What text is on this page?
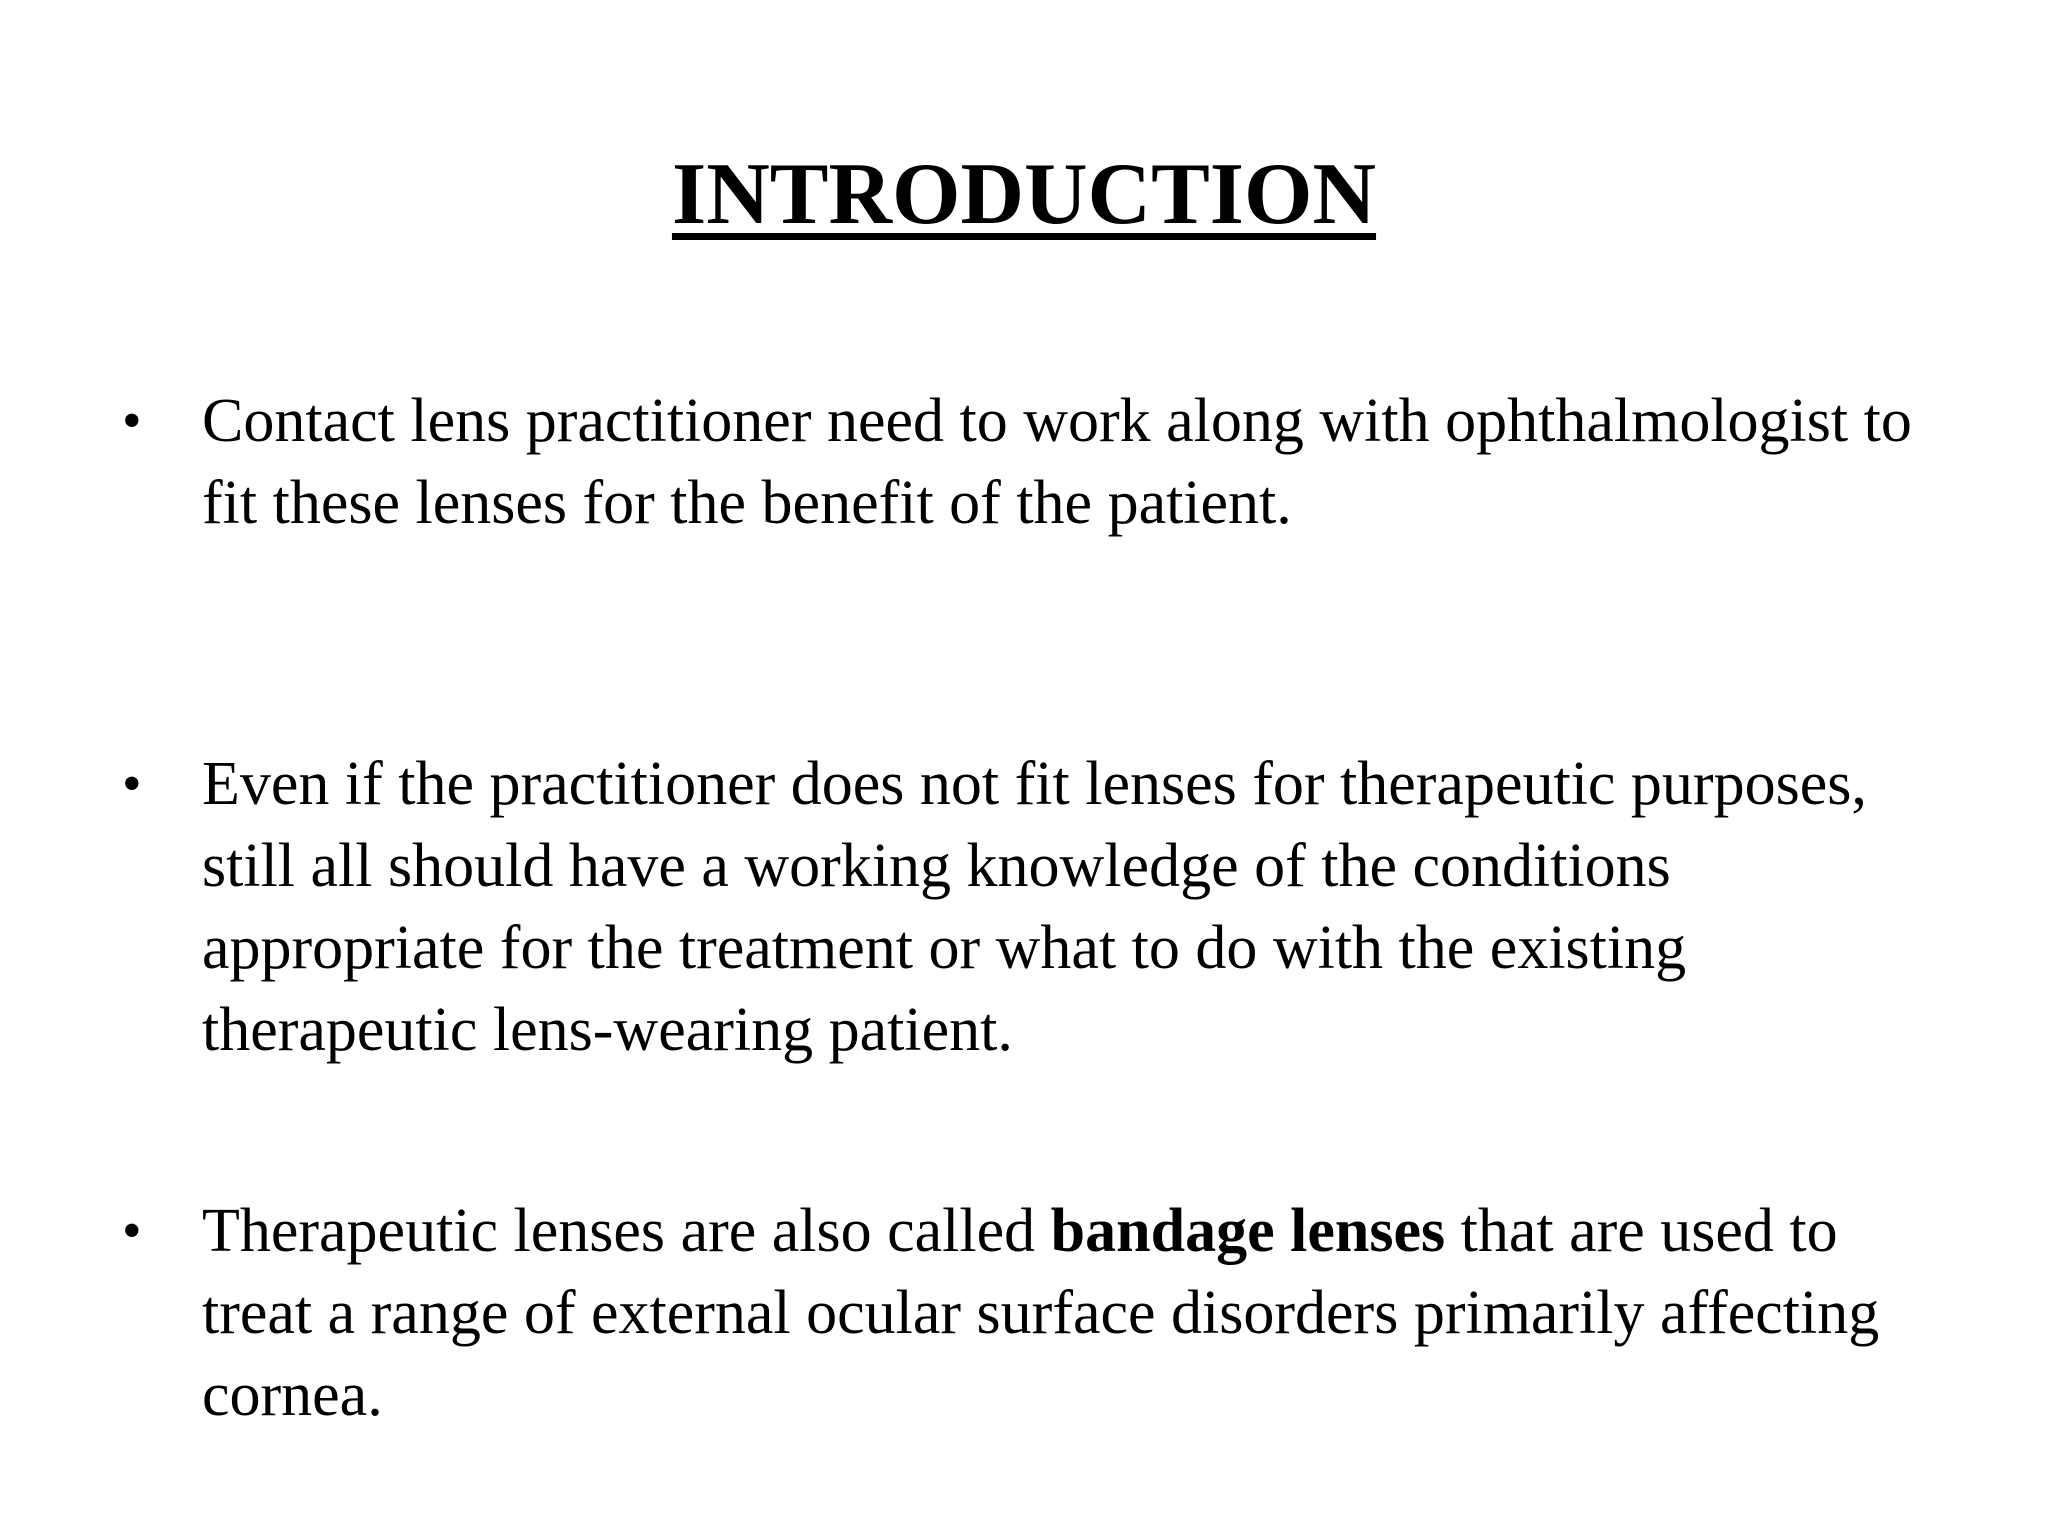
INTRODUCTION
• Contact lens practitioner need to work along with ophthalmologist to fit these lenses for the benefit of the patient.
• Even if the practitioner does not fit lenses for therapeutic purposes, still all should have a working knowledge of the conditions appropriate for the treatment or what to do with the existing therapeutic lens-wearing patient.
• Therapeutic lenses are also called bandage lenses that are used to treat a range of external ocular surface disorders primarily affecting cornea.
